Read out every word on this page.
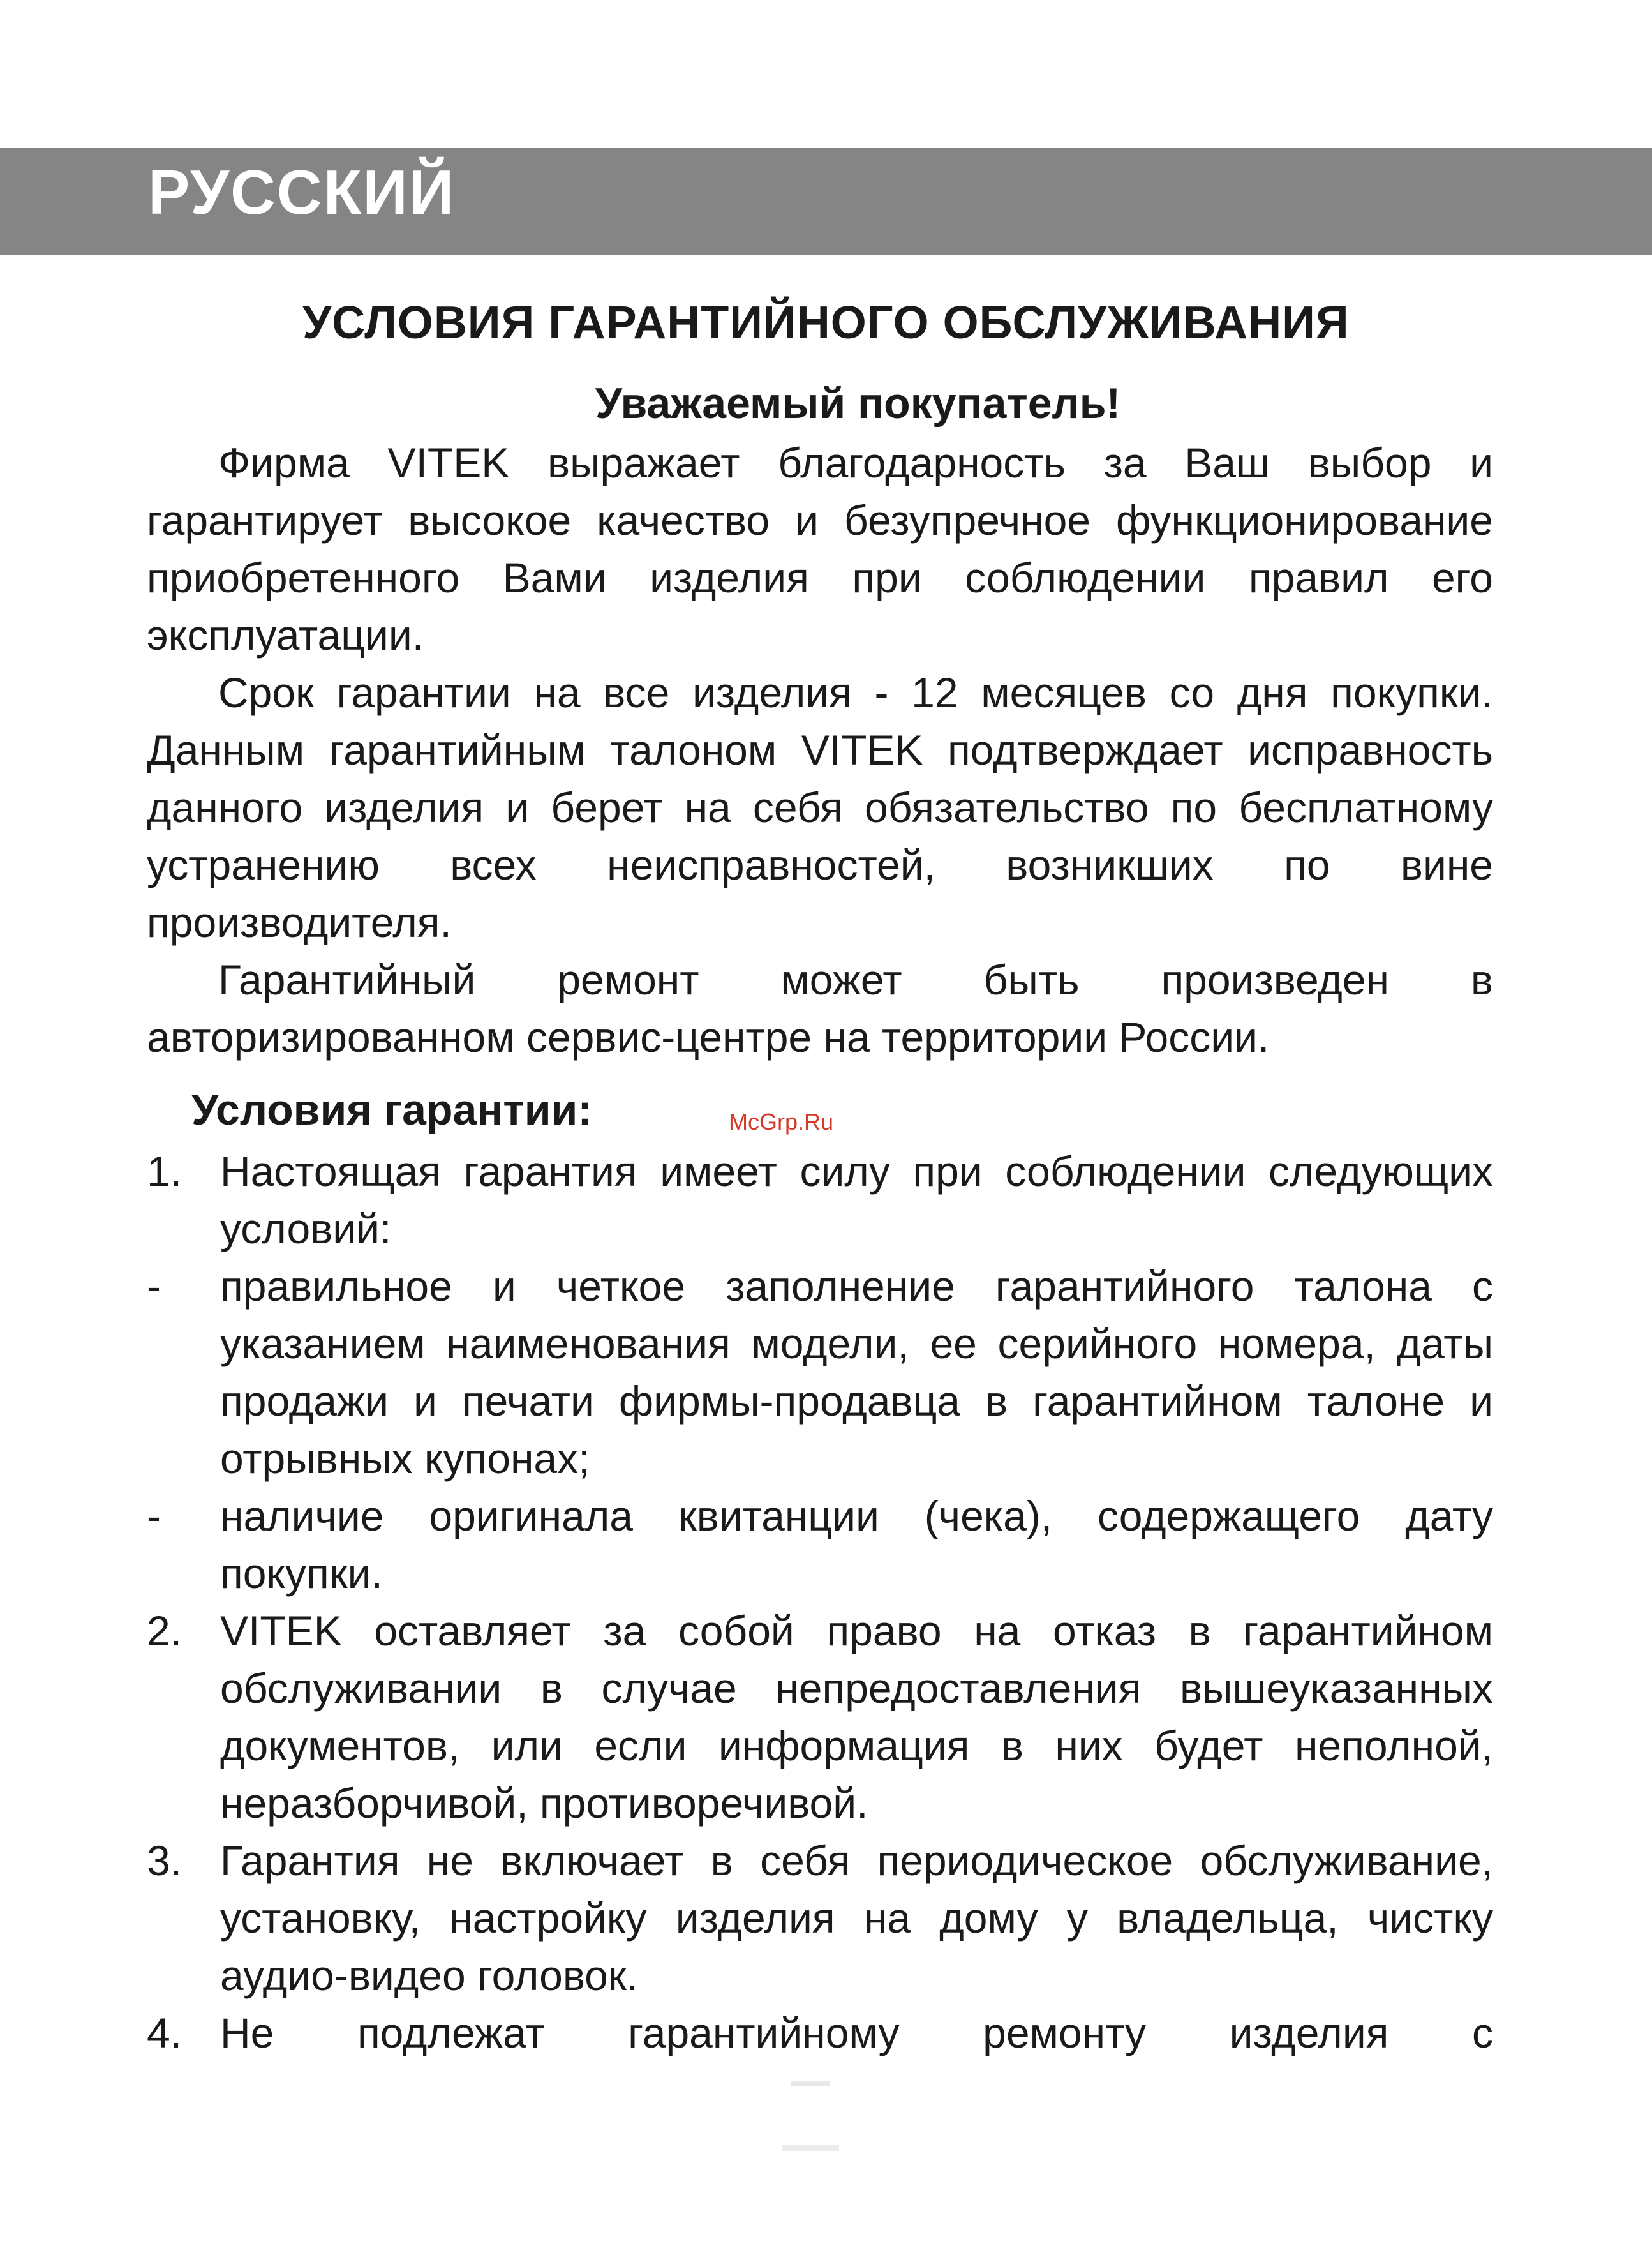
РУССКИЙ
УСЛОВИЯ ГАРАНТИЙНОГО ОБСЛУЖИВАНИЯ
Уважаемый покупатель!

Фирма VITEK выражает благодарность за Ваш выбор и гарантирует высокое качество и безупречное функционирование приобретенного Вами изделия при соблюдении правил его эксплуатации.

Срок гарантии на все изделия - 12 месяцев со дня покупки. Данным гарантийным талоном VITEK подтверждает исправность данного изделия и берет на себя обязательство по бесплатному устранению всех неисправностей, возникших по вине производителя.

Гарантийный ремонт может быть произведен в авторизированном сервис-центре на территории России.

Условия гарантии:	McGrp.Ru
1. Настоящая гарантия имеет силу при соблюдении следующих условий:
-	правильное и четкое заполнение гарантийного талона с указанием наименования модели, ее серийного номера, даты продажи и печати фирмы-продавца в гарантийном талоне и отрывных купонах;
-	наличие оригинала квитанции (чека), содержащего дату покупки.
2. VITEK оставляет за собой право на отказ в гарантийном обслуживании в случае непредоставления вышеуказанных документов, или если информация в них будет неполной, неразборчивой, противоречивой.
3. Гарантия не включает в себя периодическое обслуживание, установку, настройку изделия на дому у владельца, чистку аудио-видео головок.
4. Не подлежат гарантийному ремонту изделия с
